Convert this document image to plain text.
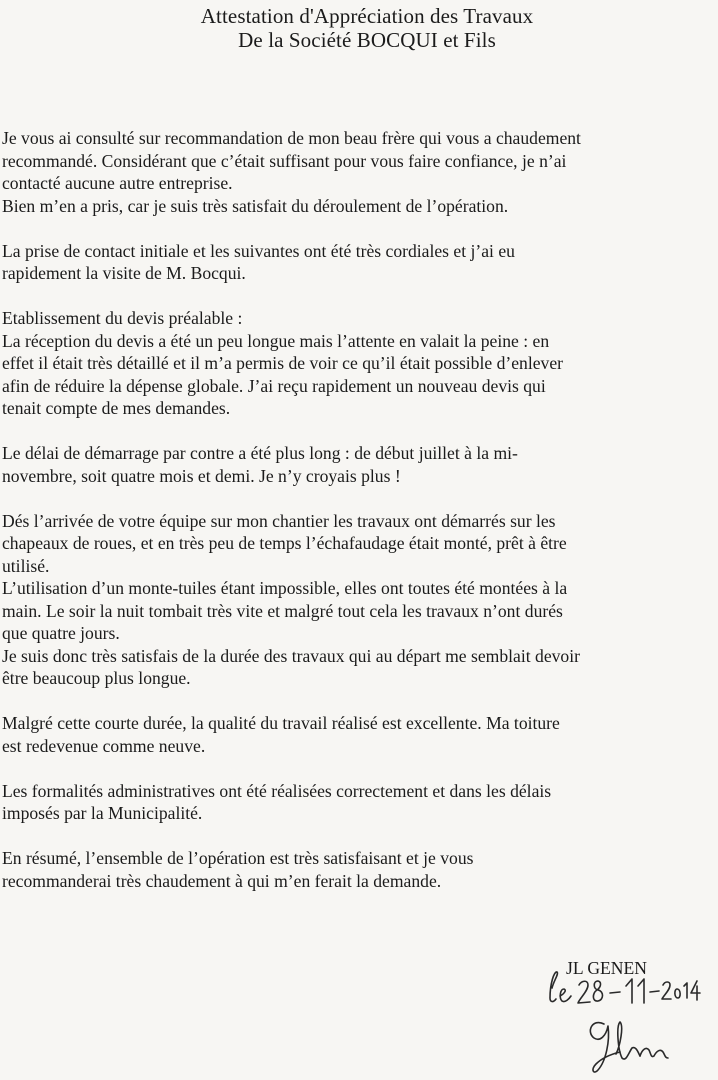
Attestation d'Appréciation des Travaux
De la Société BOCQUI et Fils

Je vous ai consulté sur recommandation de mon beau frère qui vous a chaudement
recommandé. Considérant que c’était suffisant pour vous faire confiance, je n’ai
contacté aucune autre entreprise.

Bien m’en a pris, car je suis très satisfait du déroulement de l’opération.

La prise de contact initiale et les suivantes ont été très cordiales et j’ai eu
rapidement la visite de M. Bocqui.

Etablissement du devis préalable :

La réception du devis a été un peu longue mais l’attente en valait la peine : en
effet il était très détaillé et il m’a permis de voir ce qu’il était possible d’enlever
afin de réduire la dépense globale. J’ai reçu rapidement un nouveau devis qui
tenait compte de mes demandes.

Le délai de démarrage par contre a été plus long : de début juillet à la mi-
novembre, soit quatre mois et demi. Je n’y croyais plus !

Dés l’arrivée de votre équipe sur mon chantier les travaux ont démarrés sur les
chapeaux de roues, et en très peu de temps l’échafaudage était monté, prêt à être
utilisé.

L’utilisation d’un monte-tuiles étant impossible, elles ont toutes été montées à la
main. Le soir la nuit tombait très vite et malgré tout cela les travaux n’ont durés
que quatre jours.

Je suis donc très satisfais de la durée des travaux qui au départ me semblait devoir
être beaucoup plus longue.

Malgré cette courte durée, la qualité du travail réalisé est excellente. Ma toiture
est redevenue comme neuve.

Les formalités administratives ont été réalisées correctement et dans les délais
imposés par la Municipalité.

En résumé, l’ensemble de l’opération est très satisfaisant et je vous
recommanderai très chaudement à qui m’en ferait la demande.

JL GENEN
